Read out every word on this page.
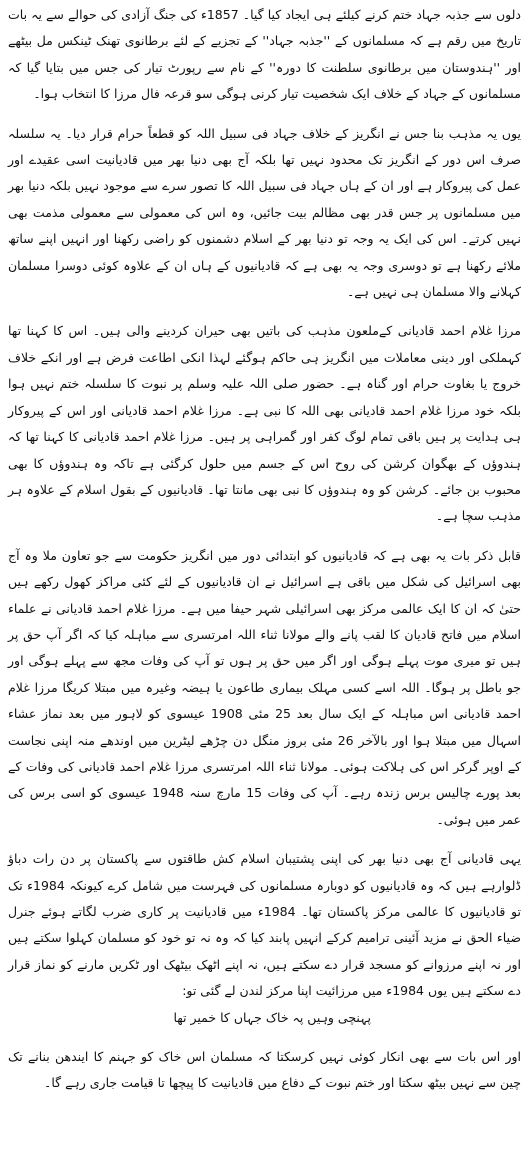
دلوں سے جذبہ جہاد ختم کرنے کیلئے ہی ایجاد کیا گیا۔ 1857ء کی جنگ آزادی کی حوالے سے یہ بات تاریخ میں رقم ہے کہ مسلمانوں کے ''جذبہ جہاد'' کے تجزیے کے لئے برطانوی تھنک ٹینکس مل بیٹھے اور ''ہندوستان میں برطانوی سلطنت کا دورہ'' کے نام سے رپورٹ تیار کی جس میں بتایا گیا کہ مسلمانوں کے جہاد کے خلاف ایک شخصیت تیار کرنی ہوگی سو قرعہ فال مرزا کا انتخاب ہوا۔

یوں یہ مذہب بنا جس نے انگریز کے خلاف جہاد فی سبیل اللہ کو قطعاً حرام قرار دیا۔ یہ سلسلہ صرف اس دور کے انگریز تک محدود نہیں تھا بلکہ آج بھی دنیا بھر میں قادیانیت اسی عقیدے اور عمل کی پیروکار ہے اور ان کے ہاں جہاد فی سبیل اللہ کا تصور سرے سے موجود نہیں بلکہ دنیا بھر میں مسلمانوں پر جس قدر بھی مظالم بیت جائیں، وہ اس کی معمولی سے معمولی مذمت بھی نہیں کرتے۔ اس کی ایک یہ وجہ تو دنیا بھر کے اسلام دشمنوں کو راضی رکھنا اور انہیں اپنے ساتھ ملائے رکھنا ہے تو دوسری وجہ یہ بھی ہے کہ قادیانیوں کے ہاں ان کے علاوہ کوئی دوسرا مسلمان کہلانے والا مسلمان ہی نہیں ہے۔

مرزا غلام احمد قادیانی کےملعون مذہب کی باتیں بھی حیران کردینے والی ہیں۔ اس کا کہنا تھا کہملکی اور دینی معاملات میں انگریز ہی حاکم ہوگئے لہذا انکی اطاعت فرض ہے اور انکے خلاف خروج یا بغاوت حرام اور گناہ ہے۔ حضور صلی اللہ علیہ وسلم پر نبوت کا سلسلہ ختم نہیں ہوا بلکہ خود مرزا غلام احمد قادیانی بھی اللہ کا نبی ہے۔ مرزا غلام احمد قادیانی اور اس کے پیروکار ہی ہدایت پر ہیں باقی تمام لوگ کفر اور گمراہی پر ہیں۔ مرزا غلام احمد قادیانی کا کہنا تھا کہ ہندوؤں کے بھگوان کرشن کی روح اس کے جسم میں حلول کرگئی ہے تاکہ وہ ہندوؤں کا بھی محبوب بن جائے۔ کرشن کو وہ ہندوؤں کا نبی بھی مانتا تھا۔ قادیانیوں کے بقول اسلام کے علاوہ ہر مذہب سچا ہے۔

قابل ذکر بات یہ بھی ہے کہ قادیانیوں کو ابتدائی دور میں انگریز حکومت سے جو تعاون ملا وہ آج بھی اسرائیل کی شکل میں باقی ہے اسرائیل نے ان قادیانیوں کے لئے کئی مراکز کھول رکھے ہیں حتیٰ کہ ان کا ایک عالمی مرکز بھی اسرائیلی شہر حیفا میں ہے۔ مرزا غلام احمد قادیانی نے علماء اسلام میں فاتح قادیان کا لقب پانے والے مولانا ثناء اللہ امرتسری سے مباہلہ کیا کہ اگر آپ حق پر ہیں تو میری موت پہلے ہوگی اور اگر میں حق پر ہوں تو آپ کی وفات مجھ سے پہلے ہوگی اور جو باطل پر ہوگا۔ اللہ اسے کسی مہلک بیماری طاعون یا ہیضہ وغیرہ میں مبتلا کریگا مرزا غلام احمد قادیانی اس مباہلہ کے ایک سال بعد 25 مئی 1908 عیسوی کو لاہور میں بعد نماز عشاء اسہال میں مبتلا ہوا اور بالآخر 26 مئی بروز منگل دن چڑھے لیٹرین میں اوندھے منہ اپنی نجاست کے اوپر گرکر اس کی ہلاکت ہوئی۔ مولانا ثناء اللہ امرتسری مرزا غلام احمد قادیانی کی وفات کے بعد پورے چالیس برس زندہ رہے۔ آپ کی وفات 15 مارچ سنہ 1948 عیسوی کو اسی برس کی عمر میں ہوئی۔

یہی قادیانی آج بھی دنیا بھر کی اپنی پشتیبان اسلام کش طاقتوں سے پاکستان پر دن رات دباؤ ڈلوارہے ہیں کہ وہ قادیانیوں کو دوبارہ مسلمانوں کی فہرست میں شامل کرے کیونکہ 1984ء تک تو قادیانیوں کا عالمی مرکز پاکستان تھا۔ 1984ء میں قادیانیت پر کاری ضرب لگاتے ہوئے جنرل ضیاء الحق نے مزید آئینی ترامیم کرکے انہیں پابند کیا کہ وہ نہ تو خود کو مسلمان کہلوا سکتے ہیں اور نہ اپنے مرزوانے کو مسجد قرار دے سکتے ہیں، نہ اپنے اٹھک بیٹھک اور ٹکریں مارنے کو نماز قرار دے سکتے ہیں یوں 1984ء میں مرزائیت اپنا مرکز لندن لے گئی تو:
پہنچی وہیں پہ خاک جہاں کا خمیر تھا

اور اس بات سے بھی انکار کوئی نہیں کرسکتا کہ مسلمان اس خاک کو جہنم کا ایندھن بنانے تک چین سے نہیں بیٹھ سکتا اور ختم نبوت کے دفاع میں قادیانیت کا پیچھا تا قیامت جاری رہے گا۔
